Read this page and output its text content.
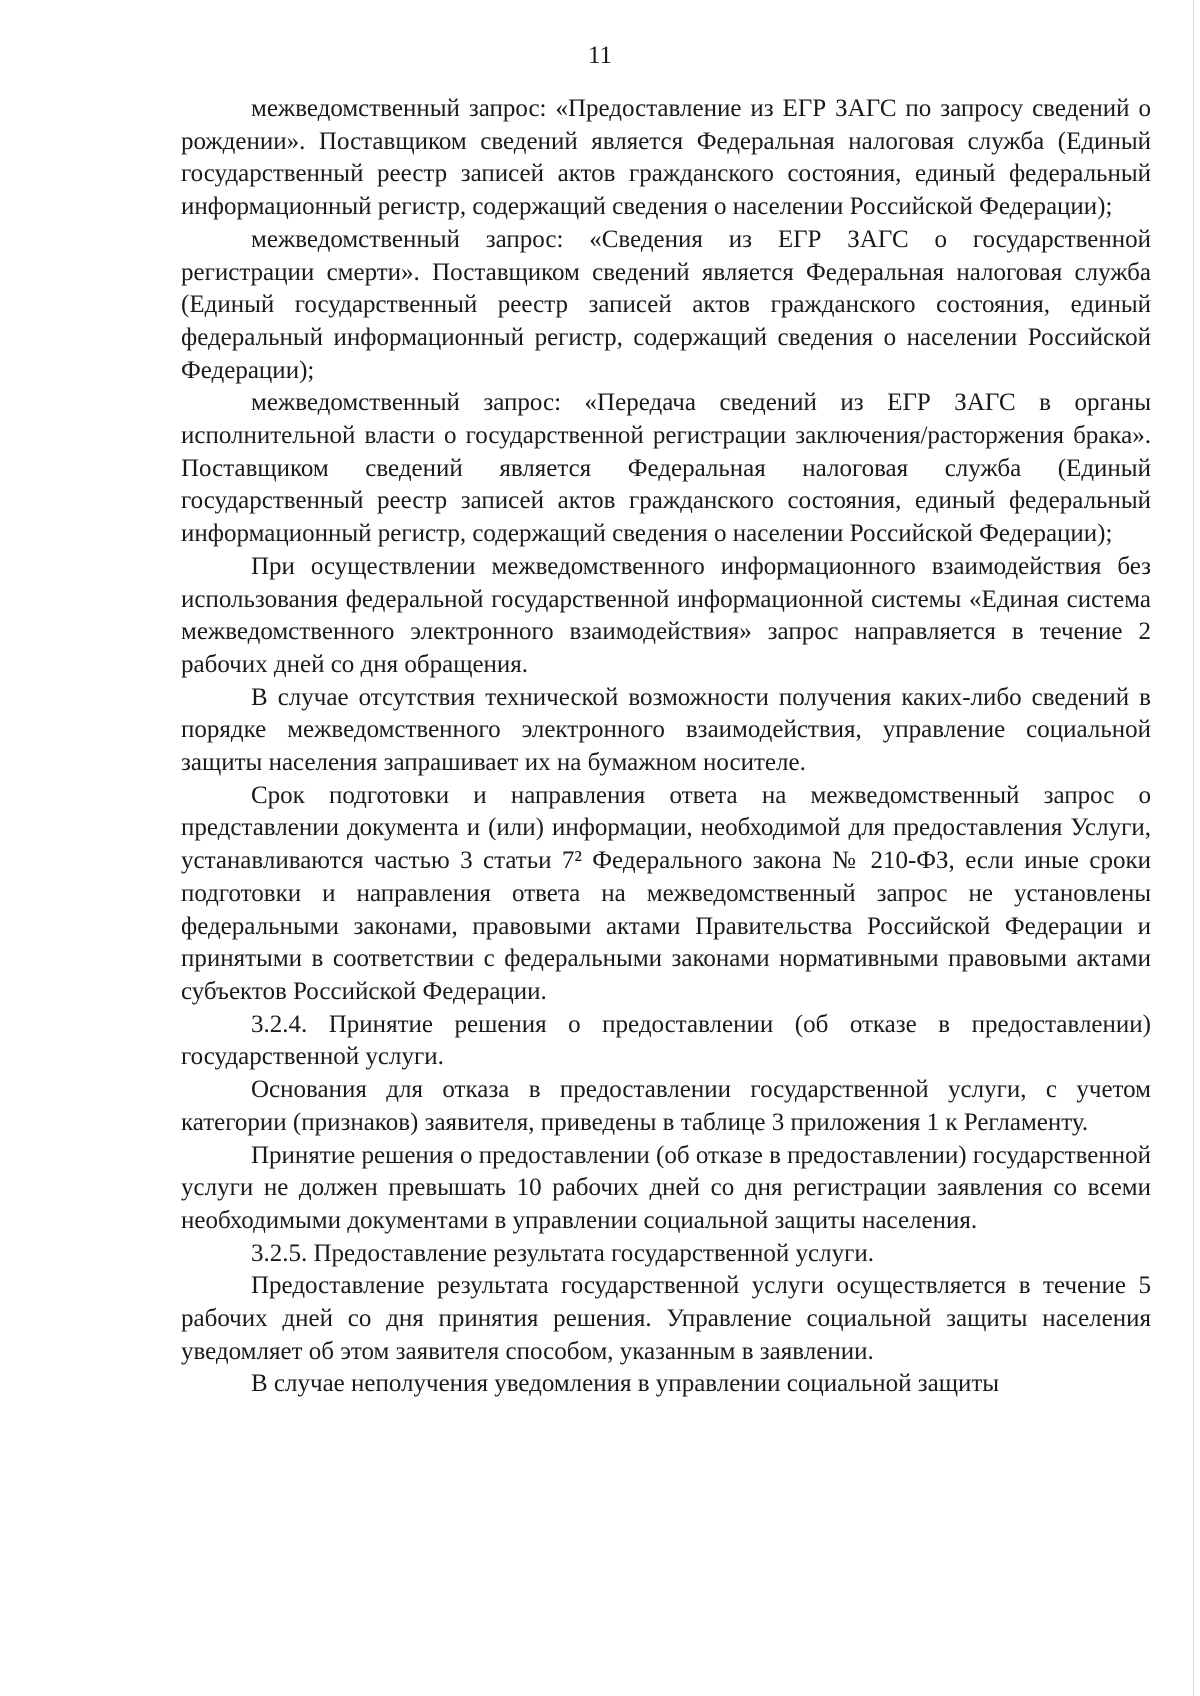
11

межведомственный запрос: «Предоставление из ЕГР ЗАГС по запросу сведений о рождении». Поставщиком сведений является Федеральная налоговая служба (Единый государственный реестр записей актов гражданского состояния, единый федеральный информационный регистр, содержащий сведения о населении Российской Федерации);

межведомственный запрос: «Сведения из ЕГР ЗАГС о государственной регистрации смерти». Поставщиком сведений является Федеральная налоговая служба (Единый государственный реестр записей актов гражданского состояния, единый федеральный информационный регистр, содержащий сведения о населении Российской Федерации);

межведомственный запрос: «Передача сведений из ЕГР ЗАГС в органы исполнительной власти о государственной регистрации заключения/расторжения брака». Поставщиком сведений является Федеральная налоговая служба (Единый государственный реестр записей актов гражданского состояния, единый федеральный информационный регистр, содержащий сведения о населении Российской Федерации);

При осуществлении межведомственного информационного взаимодействия без использования федеральной государственной информационной системы «Единая система межведомственного электронного взаимодействия» запрос направляется в течение 2 рабочих дней со дня обращения.

В случае отсутствия технической возможности получения каких-либо сведений в порядке межведомственного электронного взаимодействия, управление социальной защиты населения запрашивает их на бумажном носителе.

Срок подготовки и направления ответа на межведомственный запрос о представлении документа и (или) информации, необходимой для предоставления Услуги, устанавливаются частью 3 статьи 7² Федерального закона № 210-ФЗ, если иные сроки подготовки и направления ответа на межведомственный запрос не установлены федеральными законами, правовыми актами Правительства Российской Федерации и принятыми в соответствии с федеральными законами нормативными правовыми актами субъектов Российской Федерации.

3.2.4. Принятие решения о предоставлении (об отказе в предоставлении) государственной услуги.

Основания для отказа в предоставлении государственной услуги, с учетом категории (признаков) заявителя, приведены в таблице 3 приложения 1 к Регламенту.

Принятие решения о предоставлении (об отказе в предоставлении) государственной услуги не должен превышать 10 рабочих дней со дня регистрации заявления со всеми необходимыми документами в управлении социальной защиты населения.

3.2.5. Предоставление результата государственной услуги.

Предоставление результата государственной услуги осуществляется в течение 5 рабочих дней со дня принятия решения. Управление социальной защиты населения уведомляет об этом заявителя способом, указанным в заявлении.

В случае неполучения уведомления в управлении социальной защиты
